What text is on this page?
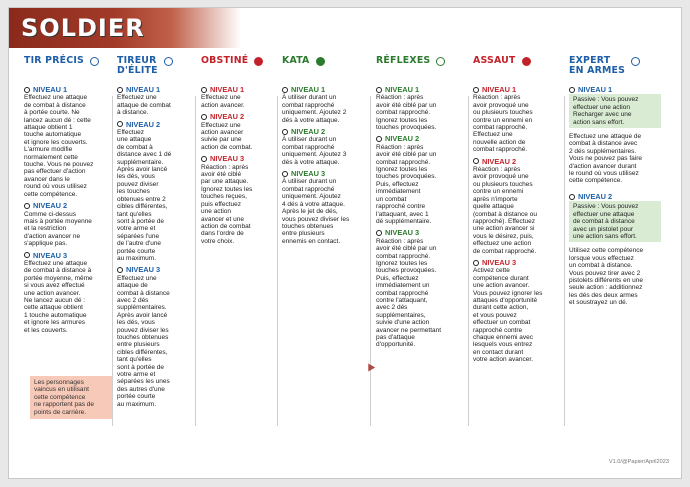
SOLDIER
TIR PRÉCIS
NIVEAU 1
Effectuez une attaque
de combat à distance
à portée courte. Ne
lancez aucun dé : cette
attaque obtient 1
touche automatique
et ignore les couverts.
L'armure modifie
normalement cette
touche. Vous ne pouvez
pas effectuer d'action
avancer dans le
round où vous utilisez
cette compétence.
NIVEAU 2
Comme ci-dessus
mais à portée moyenne
et la restriction
d'action avancer ne
s'applique pas.
NIVEAU 3
Effectuez une attaque
de combat à distance à
portée moyenne, même
si vous avez effectué
une action avancer.
Ne lancez aucun dé :
cette attaque obtient
1 touche automatique
et ignore les armures
et les couverts.
Les personnages
vaincus en utilisant
cette compétence
ne rapportent pas de
points de carrière.
TIREUR
D'ÉLITE
NIVEAU 1
Effectuez une
attaque de combat
à distance.
NIVEAU 2
Effectuez
une attaque
de combat à
distance avec 1 dé
supplémentaire.
Après avoir lancé
les dés, vous
pouvez diviser
les touches
obtenues entre 2
cibles différentes,
tant qu'elles
sont à portée de
votre arme et
séparées l'une
de l'autre d'une
portée courte
au maximum.
NIVEAU 3
Effectuez une
attaque de
combat à distance
avec 2 dés
supplémentaires.
Après avoir lancé
les dés, vous
pouvez diviser les
touches obtenues
entre plusieurs
cibles différentes,
tant qu'elles
sont à portée de
votre arme et
séparées les unes
des autres d'une
portée courte
au maximum.
OBSTINÉ
NIVEAU 1
Effectuez une
action avancer.
NIVEAU 2
Effectuez une
action avancer
suivie par une
action de combat.
NIVEAU 3
Réaction : après
avoir été ciblé
par une attaque.
Ignorez toutes les
touches reçues,
puis effectuez
une action
avancer et une
action de combat
dans l'ordre de
votre choix.
KATA
NIVEAU 1
À utiliser durant un
combat rapproché
uniquement. Ajoutez 2
dés à votre attaque.
NIVEAU 2
À utiliser durant un
combat rapproché
uniquement. Ajoutez 3
dés à votre attaque.
NIVEAU 3
À utiliser durant un
combat rapproché
uniquement. Ajoutez
4 dés à votre attaque.
Après le jet de dés,
vous pouvez diviser les
touches obtenues
entre plusieurs
ennemis en contact.
RÉFLEXES
NIVEAU 1
Réaction : après
avoir été ciblé par un
combat rapproché.
Ignorez toutes les
touches provoquées.
NIVEAU 2
Réaction : après
avoir été ciblé par un
combat rapproché.
Ignorez toutes les
touches provoquées.
Puis, effectuez
immédiatement
un combat
rapproché contre
l'attaquant, avec 1
dé supplémentaire.
NIVEAU 3
Réaction : après
avoir été ciblé par un
combat rapproché.
Ignorez toutes les
touches provoquées.
Puis, effectuez
immédiatement un
combat rapproché
contre l'attaquant,
avec 2 dés
supplémentaires,
suivie d'une action
avancer ne permettant
pas d'attaque
d'opportunité.
ASSAUT
NIVEAU 1
Réaction : après
avoir provoqué une
ou plusieurs touches
contre un ennemi en
combat rapproché.
Effectuez une
nouvelle action de
combat rapproché.
NIVEAU 2
Réaction : après
avoir provoqué une
ou plusieurs touches
contre un ennemi
après n'importe
quelle attaque
(combat à distance ou
rapproché). Effectuez
une action avancer si
vous le désirez, puis,
effectuez une action
de combat rapproché.
NIVEAU 3
Activez cette
compétence durant
une action avancer.
Vous pouvez ignorer les
attaques d'opportunité
durant cette action,
et vous pouvez
effectuer un combat
rapproché contre
chaque ennemi avec
lesquels vous entrez
en contact durant
votre action avancer.
EXPERT
EN ARMES
NIVEAU 1
Passive : Vous pouvez
effectuer une action
Recharger avec une
action sans effort.
Effectuez une attaque de
combat à distance avec
2 dés supplémentaires.
Vous ne pouvez pas faire
d'action avancer durant
le round où vous utilisez
cette compétence.
NIVEAU 2
Passive : Vous pouvez
effectuer une attaque
de combat à distance
avec un pistolet pour
une action sans effort.
Utilisez cette compétence
lorsque vous effectuez
un combat à distance.
Vous pouvez tirer avec 2
pistolets différents en une
seule action : additionnez
les dés des deux armes
et soustrayez un dé.
V1.0/@Papier/April2023
